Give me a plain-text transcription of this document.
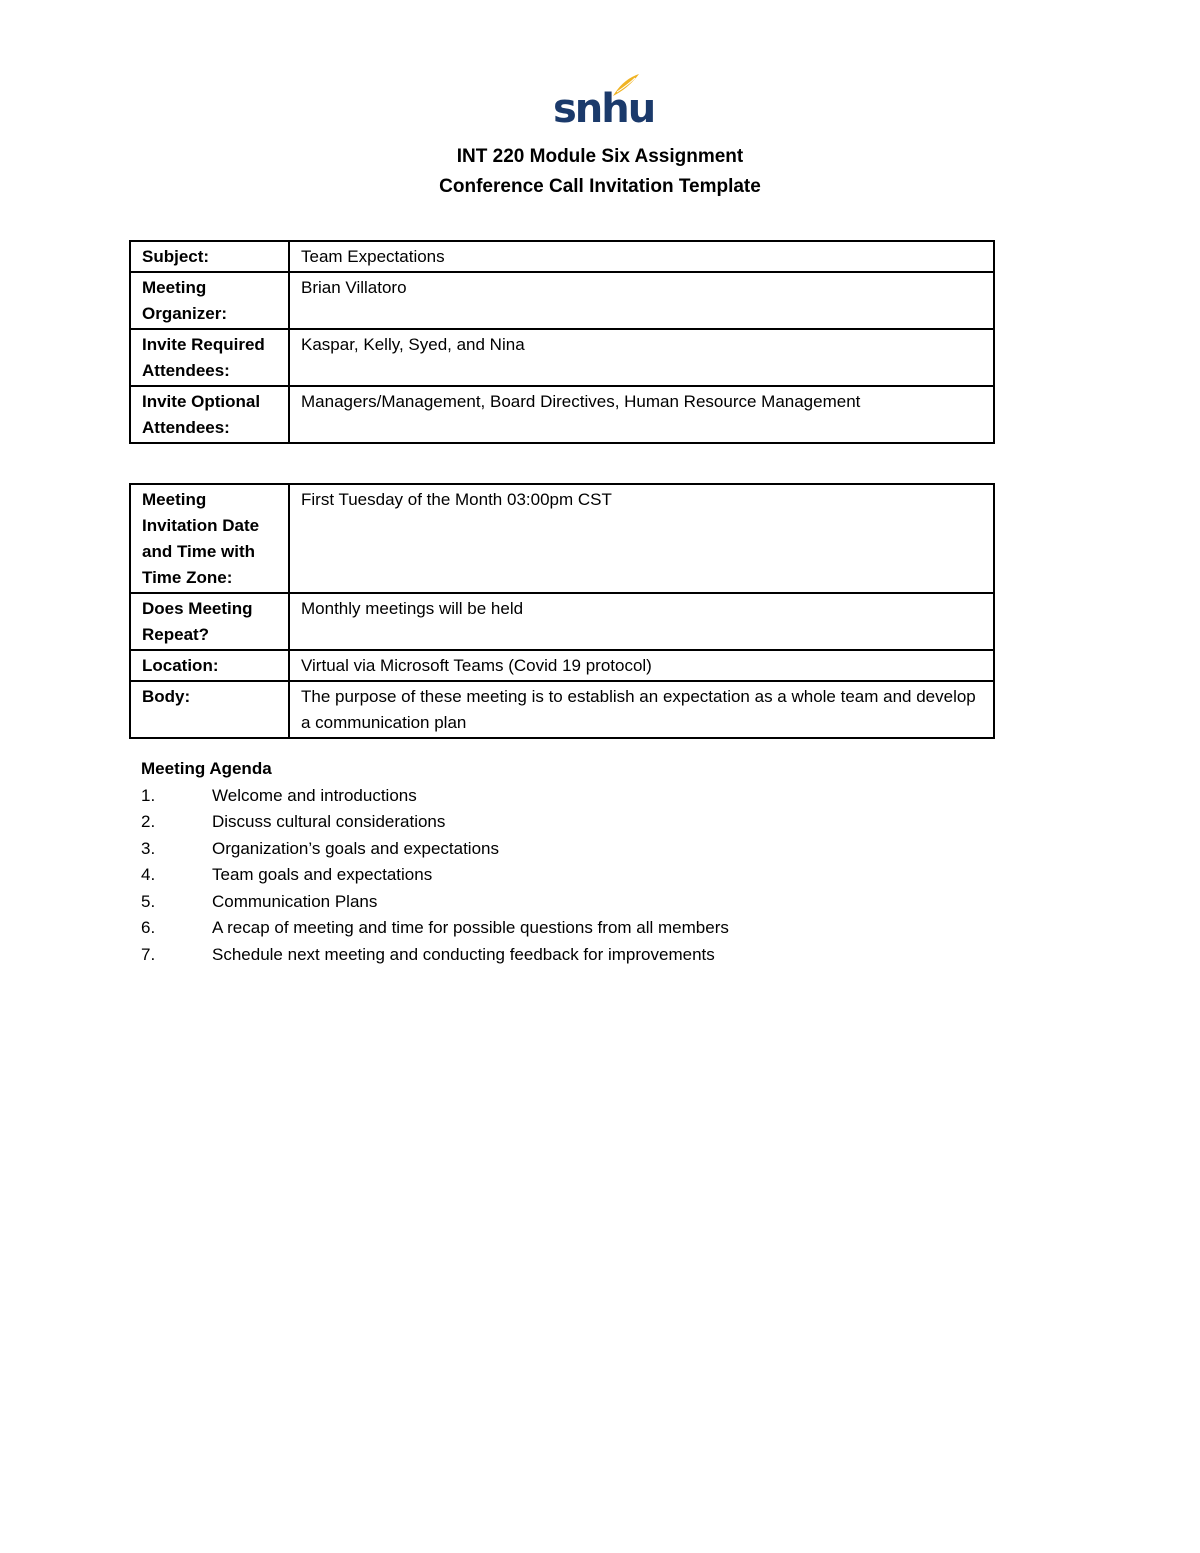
snhu
INT 220 Module Six Assignment
Conference Call Invitation Template
Subject:	Team Expectations
Meeting Organizer:	Brian Villatoro
Invite Required Attendees:	Kaspar, Kelly, Syed, and Nina
Invite Optional Attendees:	Managers/Management, Board Directives, Human Resource Management
Meeting Invitation Date and Time with Time Zone:	First Tuesday of the Month 03:00pm CST
Does Meeting Repeat?	Monthly meetings will be held
Location:	Virtual via Microsoft Teams (Covid 19 protocol)
Body:	The purpose of these meeting is to establish an expectation as a whole team and develop a communication plan
Meeting Agenda
1.	Welcome and introductions
2.	Discuss cultural considerations
3.	Organization’s goals and expectations
4.	Team goals and expectations
5.	Communication Plans
6.	A recap of meeting and time for possible questions from all members
7.	Schedule next meeting and conducting feedback for improvements
